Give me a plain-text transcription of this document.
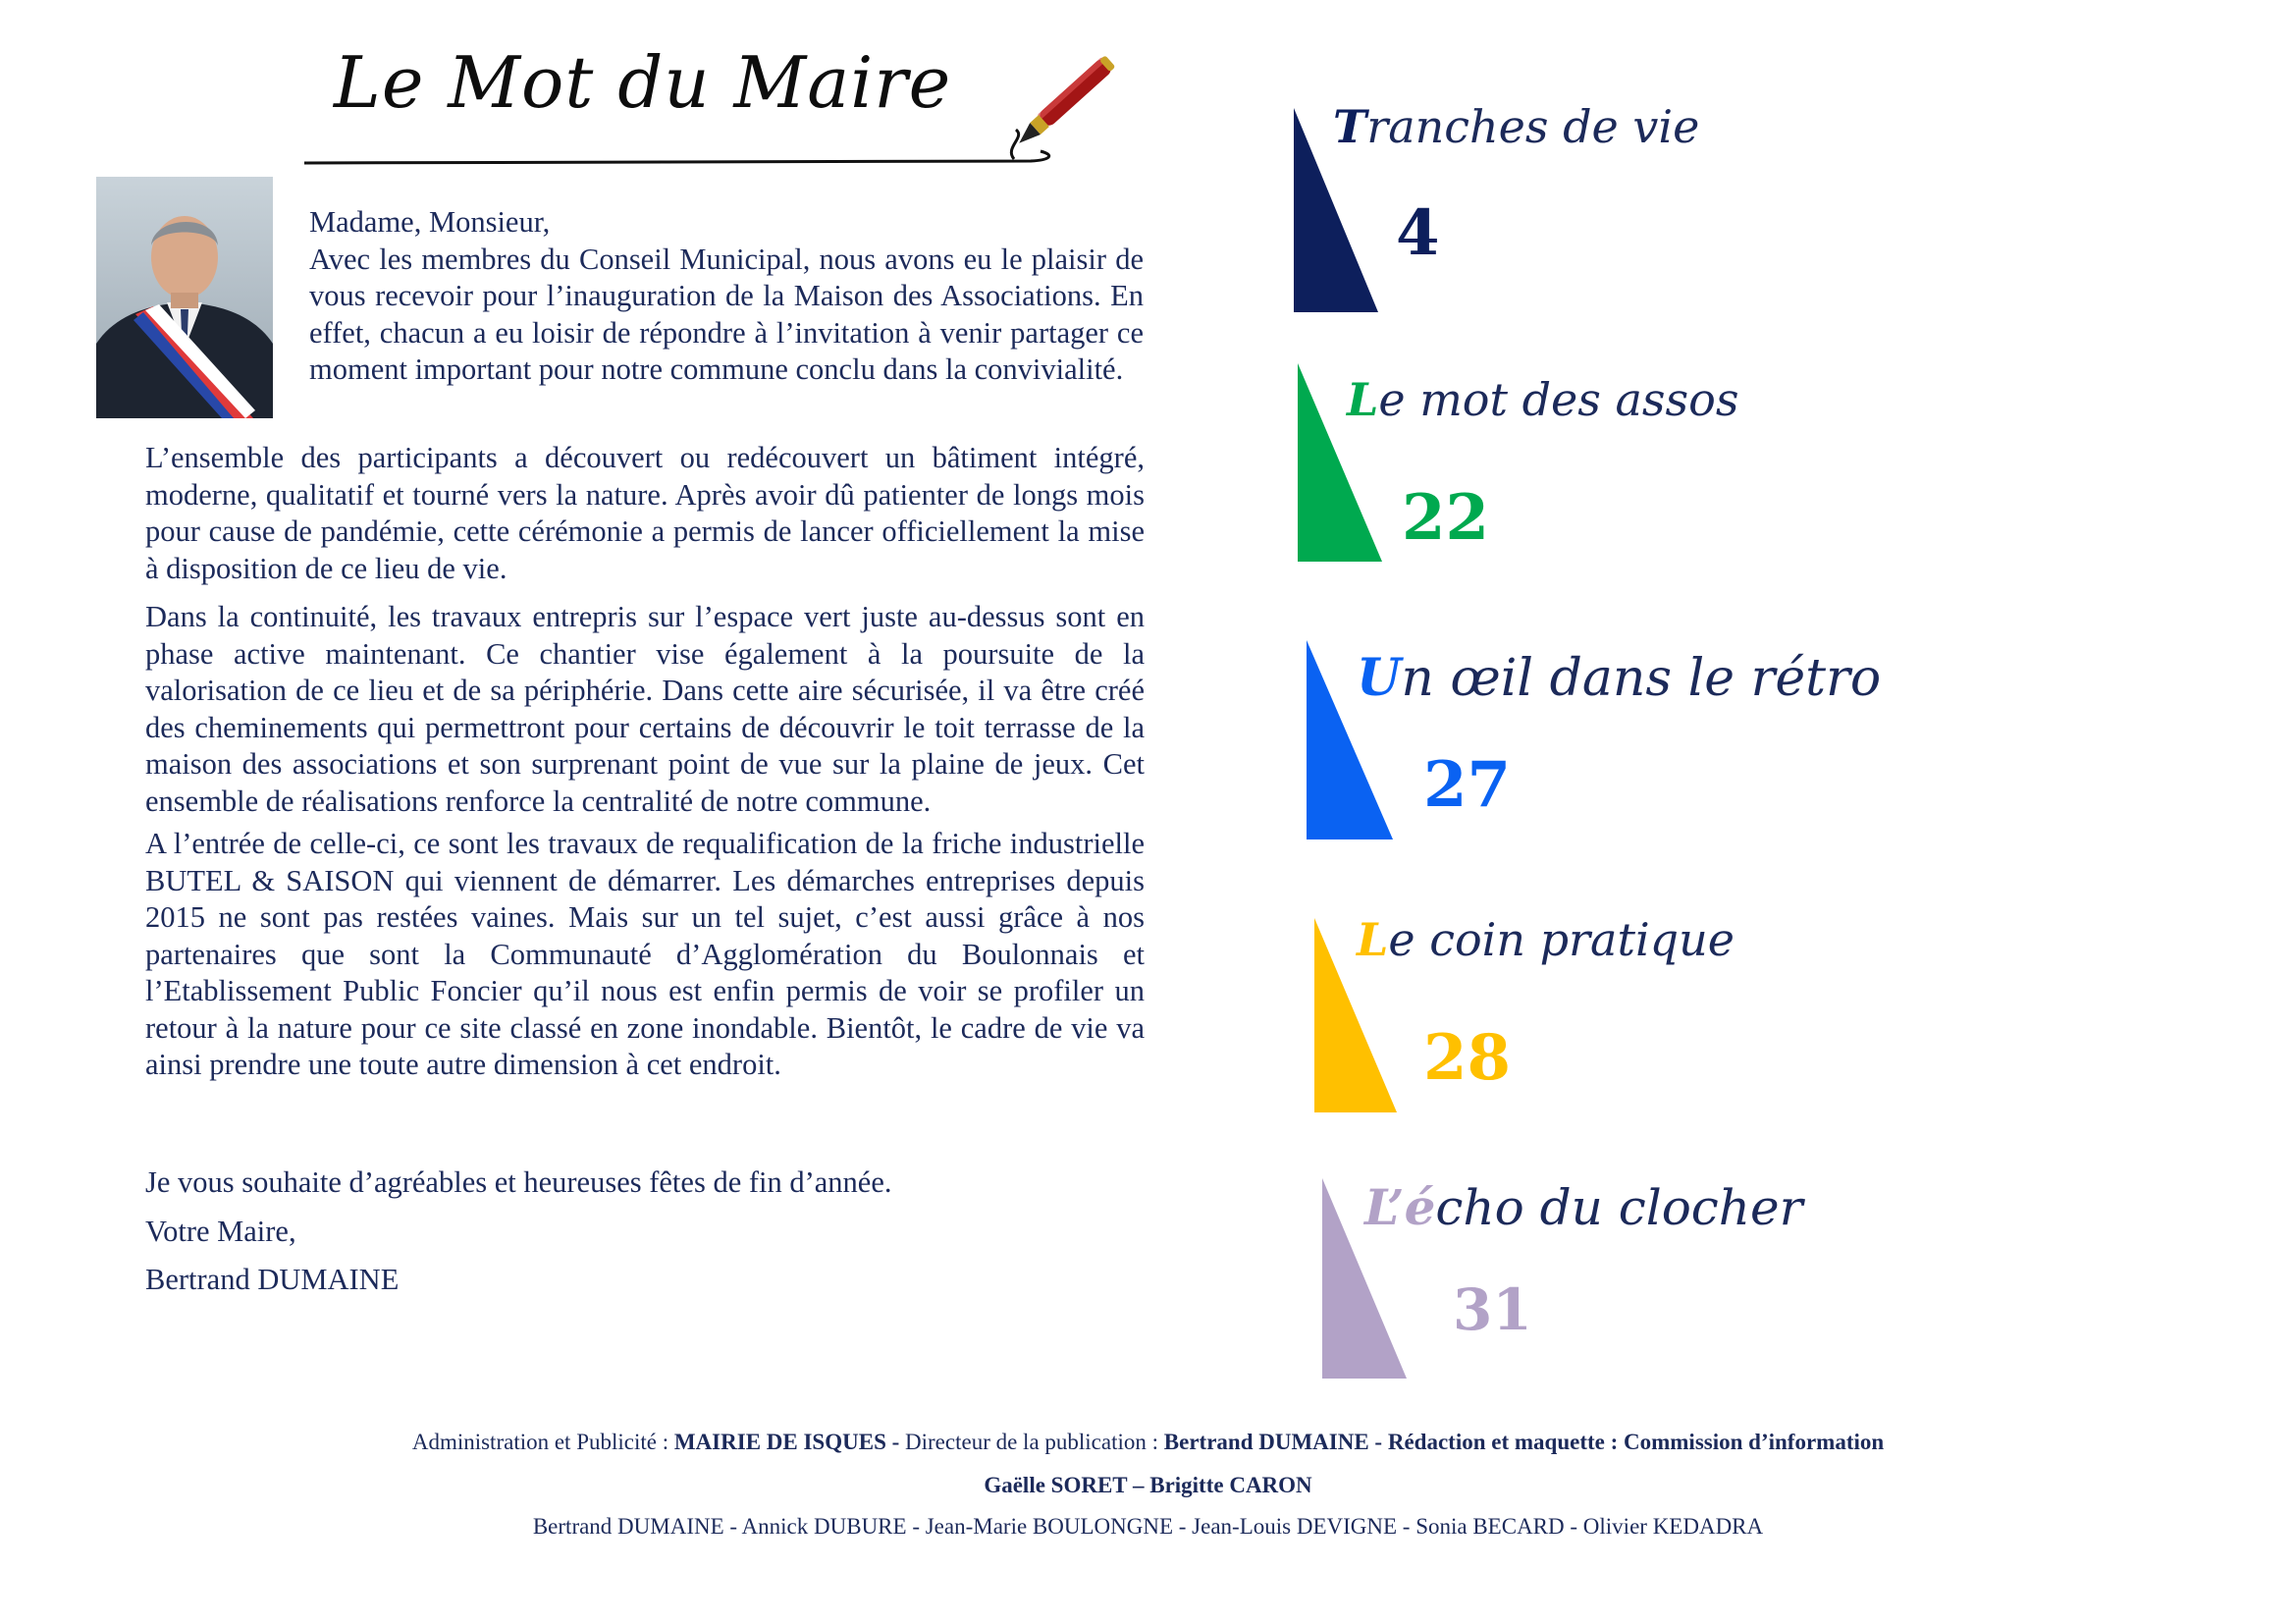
Le Mot du Maire

Madame, Monsieur,

Avec les membres du Conseil Municipal, nous avons eu le plaisir de vous recevoir pour l’inauguration de la Maison des Associations. En effet, chacun a eu loisir de répondre à l’invitation à venir partager ce moment important pour notre commune conclu dans la convivialité.

L’ensemble des participants a découvert ou redécouvert un bâtiment intégré, moderne, qualitatif et tourné vers la nature. Après avoir dû patienter de longs mois pour cause de pandémie, cette cérémonie a permis de lancer officiellement la mise à disposition de ce lieu de vie.

Dans la continuité, les travaux entrepris sur l’espace vert juste au-dessus sont en phase active maintenant. Ce chantier vise également à la poursuite de la valorisation de ce lieu et de sa périphérie. Dans cette aire sécurisée, il va être créé des cheminements qui permettront pour certains de découvrir le toit terrasse de la maison des associations et son surprenant point de vue sur la plaine de jeux. Cet ensemble de réalisations renforce la centralité de notre commune.

A l’entrée de celle-ci, ce sont les travaux de requalification de la friche industrielle BUTEL & SAISON qui viennent de démarrer. Les démarches entreprises depuis 2015 ne sont pas restées vaines. Mais sur un tel sujet, c’est aussi grâce à nos partenaires que sont la Communauté d’Agglomération du Boulonnais et l’Etablissement Public Foncier qu’il nous est enfin permis de voir se profiler un retour à la nature pour ce site classé en zone inondable. Bientôt, le cadre de vie va ainsi prendre une toute autre dimension à cet endroit.

Je vous souhaite d’agréables et heureuses fêtes de fin d’année.

Votre Maire,

Bertrand DUMAINE

Tranches de vie
4
Le mot des assos
22
Un œil dans le rétro
27
Le coin pratique
28
L’écho du clocher
31
Administration et Publicité : MAIRIE DE ISQUES - Directeur de la publication : Bertrand DUMAINE - Rédaction et maquette : Commission d’information
Gaëlle SORET – Brigitte CARON
Bertrand DUMAINE - Annick DUBURE - Jean-Marie BOULONGNE - Jean-Louis DEVIGNE - Sonia BECARD - Olivier KEDADRA
